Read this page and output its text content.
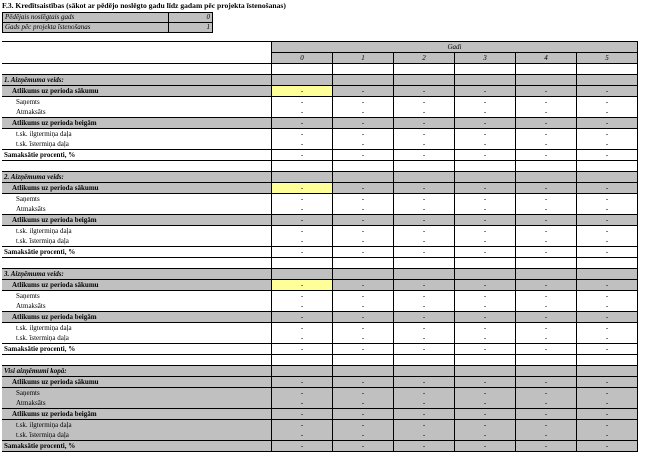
F.3. Kredītsaistības (sākot ar pēdējo noslēgto gadu līdz gadam pēc projekta īstenošanas)
Pēdējais noslēgtais gads	0
Gads pēc projekta īstenošanas	1
	Gadi					
	0	1	2	3	4	5

1. Aizņēmuma veids:						
Atlikums uz perioda sākumu	-	-	-	-	-	-
Saņemts	-	-	-	-	-	-
Atmaksāts	-	-	-	-	-	-
Atlikums uz perioda beigām	-	-	-	-	-	-
t.sk. ilgtermiņa daļa	-	-	-	-	-	-
t.sk. īstermiņa daļa	-	-	-	-	-	-
Samaksātie procenti, %	-	-	-	-	-	-

2. Aizņēmuma veids:						
Atlikums uz perioda sākumu	-	-	-	-	-	-
Saņemts	-	-	-	-	-	-
Atmaksāts	-	-	-	-	-	-
Atlikums uz perioda beigām	-	-	-	-	-	-
t.sk. ilgtermiņa daļa	-	-	-	-	-	-
t.sk. īstermiņa daļa	-	-	-	-	-	-
Samaksātie procenti, %	-	-	-	-	-	-

3. Aizņēmuma veids:						
Atlikums uz perioda sākumu	-	-	-	-	-	-
Saņemts	-	-	-	-	-	-
Atmaksāts	-	-	-	-	-	-
Atlikums uz perioda beigām	-	-	-	-	-	-
t.sk. ilgtermiņa daļa	-	-	-	-	-	-
t.sk. īstermiņa daļa	-	-	-	-	-	-
Samaksātie procenti, %	-	-	-	-	-	-

Visi aizņēmumi kopā:						
Atlikums uz perioda sākumu	-	-	-	-	-	-
Saņemts	-	-	-	-	-	-
Atmaksāts	-	-	-	-	-	-
Atlikums uz perioda beigām	-	-	-	-	-	-
t.sk. ilgtermiņa daļa	-	-	-	-	-	-
t.sk. īstermiņa daļa	-	-	-	-	-	-
Samaksātie procenti, %	-	-	-	-	-	-
